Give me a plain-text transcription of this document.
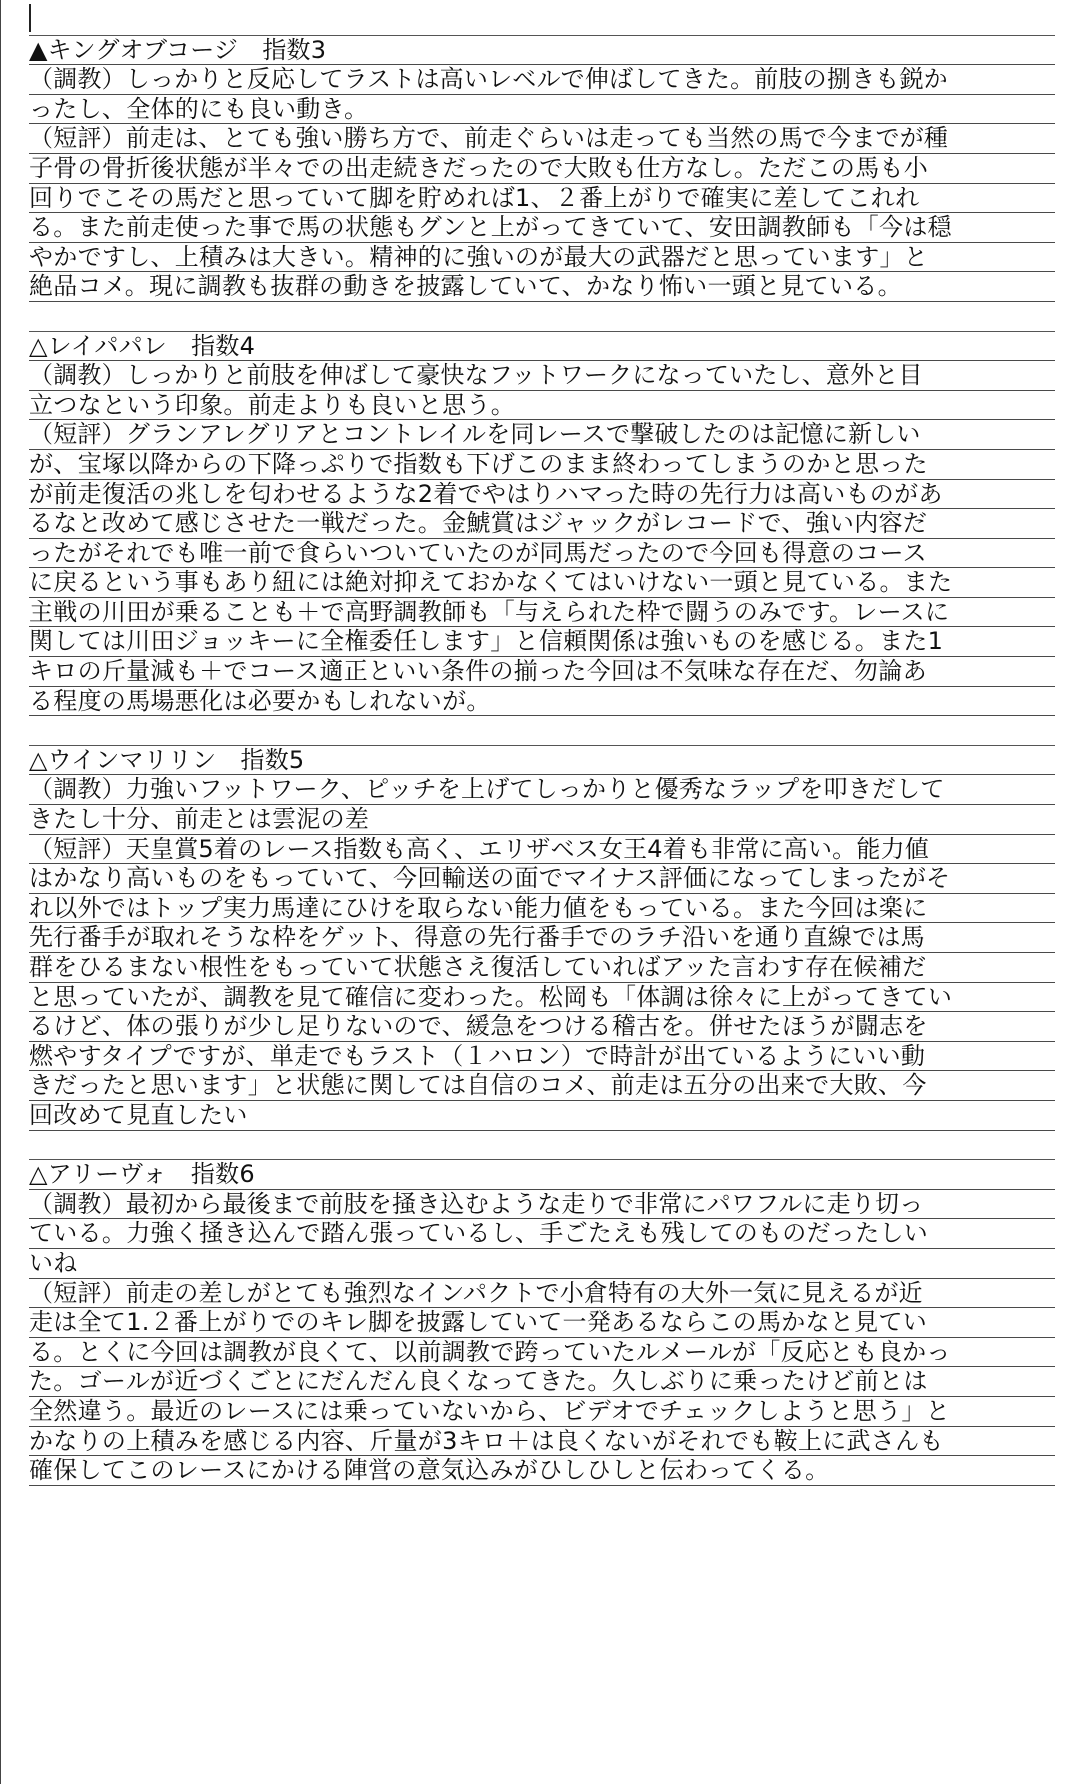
▲キングオブコージ　指数3
（調教）しっかりと反応してラストは高いレベルで伸ばしてきた。前肢の捌きも鋭か
ったし、全体的にも良い動き。
（短評）前走は、とても強い勝ち方で、前走ぐらいは走っても当然の馬で今までが種
子骨の骨折後状態が半々での出走続きだったので大敗も仕方なし。ただこの馬も小
回りでこその馬だと思っていて脚を貯めれば1、２番上がりで確実に差してこれれ
る。また前走使った事で馬の状態もグンと上がってきていて、安田調教師も「今は穏
やかですし、上積みは大きい。精神的に強いのが最大の武器だと思っています」と
絶品コメ。現に調教も抜群の動きを披露していて、かなり怖い一頭と見ている。
△レイパパレ　指数4
（調教）しっかりと前肢を伸ばして豪快なフットワークになっていたし、意外と目
立つなという印象。前走よりも良いと思う。
（短評）グランアレグリアとコントレイルを同レースで撃破したのは記憶に新しい
が、宝塚以降からの下降っぷりで指数も下げこのまま終わってしまうのかと思った
が前走復活の兆しを匂わせるような2着でやはりハマった時の先行力は高いものがあ
るなと改めて感じさせた一戦だった。金鯱賞はジャックがレコードで、強い内容だ
ったがそれでも唯一前で食らいついていたのが同馬だったので今回も得意のコース
に戻るという事もあり紐には絶対抑えておかなくてはいけない一頭と見ている。また
主戦の川田が乗ることも＋で高野調教師も「与えられた枠で闘うのみです。レースに
関しては川田ジョッキーに全権委任します」と信頼関係は強いものを感じる。また1
キロの斤量減も＋でコース適正といい条件の揃った今回は不気味な存在だ、勿論あ
る程度の馬場悪化は必要かもしれないが。
△ウインマリリン　指数5
（調教）力強いフットワーク、ピッチを上げてしっかりと優秀なラップを叩きだして
きたし十分、前走とは雲泥の差
（短評）天皇賞5着のレース指数も高く、エリザベス女王4着も非常に高い。能力値
はかなり高いものをもっていて、今回輸送の面でマイナス評価になってしまったがそ
れ以外ではトップ実力馬達にひけを取らない能力値をもっている。また今回は楽に
先行番手が取れそうな枠をゲット、得意の先行番手でのラチ沿いを通り直線では馬
群をひるまない根性をもっていて状態さえ復活していればアッた言わす存在候補だ
と思っていたが、調教を見て確信に変わった。松岡も「体調は徐々に上がってきてい
るけど、体の張りが少し足りないので、緩急をつける稽古を。併せたほうが闘志を
燃やすタイプですが、単走でもラスト（１ハロン）で時計が出ているようにいい動
きだったと思います」と状態に関しては自信のコメ、前走は五分の出来で大敗、今
回改めて見直したい
△アリーヴォ　指数6
（調教）最初から最後まで前肢を掻き込むような走りで非常にパワフルに走り切っ
ている。力強く掻き込んで踏ん張っているし、手ごたえも残してのものだったしい
いね
（短評）前走の差しがとても強烈なインパクトで小倉特有の大外一気に見えるが近
走は全て1.２番上がりでのキレ脚を披露していて一発あるならこの馬かなと見てい
る。とくに今回は調教が良くて、以前調教で跨っていたルメールが「反応とも良かっ
た。ゴールが近づくごとにだんだん良くなってきた。久しぶりに乗ったけど前とは
全然違う。最近のレースには乗っていないから、ビデオでチェックしようと思う」と
かなりの上積みを感じる内容、斤量が3キロ＋は良くないがそれでも鞍上に武さんも
確保してこのレースにかける陣営の意気込みがひしひしと伝わってくる。
